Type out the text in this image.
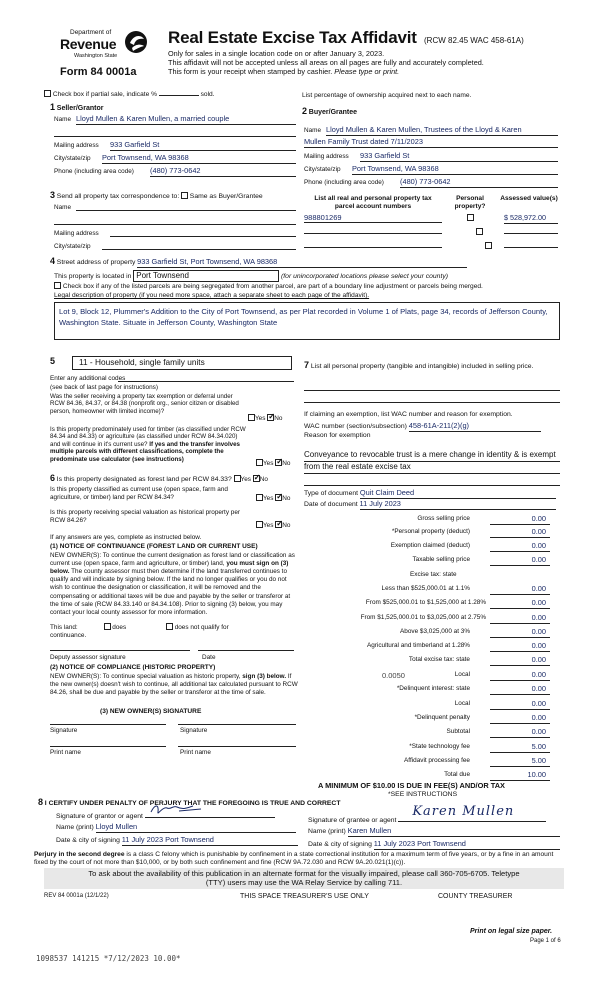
Department of
Revenue
Washington State
Form 84 0001a
Real Estate Excise Tax Affidavit (RCW 82.45 WAC 458-61A)
Only for sales in a single location code on or after January 3, 2023.
This affidavit will not be accepted unless all areas on all pages are fully and accurately completed.
This form is your receipt when stamped by cashier. Please type or print.
Check box if partial sale, indicate %	sold.	List percentage of ownership acquired next to each name.
1 Seller/Grantor
Name Lloyd Mullen & Karen Mullen, a married couple
Mailing address 933 Garfield St
City/state/zip Port Townsend, WA 98368
Phone (including area code) (480) 773-0642
2 Buyer/Grantee
Name Lloyd Mullen & Karen Mullen, Trustees of the Lloyd & Karen
Mullen Family Trust dated 7/11/2023
Mailing address 933 Garfield St
City/state/zip Port Townsend, WA 98368
Phone (including area code) (480) 773-0642
3 Send all property tax correspondence to: Same as Buyer/Grantee
Name
Mailing address
City/state/zip
List all real and personal property tax parcel account numbers
Personal property?
Assessed value(s)
988801269
	$ 528,972.00

4 Street address of property 933 Garfield St, Port Townsend, WA 98368
This property is located in Port Townsend	(for unincorporated locations please select your county)
Check box if any of the listed parcels are being segregated from another parcel, are part of a boundary line adjustment or parcels being merged.
Legal description of property (if you need more space, attach a separate sheet to each page of the affidavit).
Lot 9, Block 12, Plummer's Addition to the City of Port Townsend, as per Plat recorded in Volume 1 of Plats, page 34, records of Jefferson County, Washington State. Situate in Jefferson County, Washington State
5	11 - Household, single family units
Enter any additional codes
(see back of last page for instructions)
Was the seller receiving a property tax exemption or deferral under RCW 84.36, 84.37, or 84.38 (nonprofit org., senior citizen or disabled person, homeowner with limited income)?
Yes ✓ No
Is this property predominately used for timber (as classified under RCW 84.34 and 84.33) or agriculture (as classified under RCW 84.34.020) and will continue in it's current use? If yes and the transfer involves multiple parcels with different classifications, complete the predominate use calculator (see instructions)
Yes ✓ No
6 Is this property designated as forest land per RCW 84.33? Yes ✓ No
Is this property classified as current use (open space, farm and agriculture, or timber) land per RCW 84.34?	Yes ✓ No
Is this property receiving special valuation as historical property per RCW 84.26?
Yes ✓ No
If any answers are yes, complete as instructed below.
(1) NOTICE OF CONTINUANCE (FOREST LAND OR CURRENT USE)
NEW OWNER(S): To continue the current designation as forest land or classification as current use (open space, farm and agriculture, or timber) land, you must sign on (3) below. The county assessor must then determine if the land transferred continues to qualify and will indicate by signing below. If the land no longer qualifies or you do not wish to continue the designation or classification, it will be removed and the compensating or additional taxes will be due and payable by the seller or transferor at the time of sale (RCW 84.33.140 or 84.34.108). Prior to signing (3) below, you may contact your local county assessor for more information.
This land:	does	does not qualify for
continuance.
Deputy assessor signature	Date
(2) NOTICE OF COMPLIANCE (HISTORIC PROPERTY)
NEW OWNER(S): To continue special valuation as historic property, sign (3) below. If the new owner(s) doesn't wish to continue, all additional tax calculated pursuant to RCW 84.26, shall be due and payable by the seller or transferor at the time of sale.
(3) NEW OWNER(S) SIGNATURE
Signature	Signature
Print name	Print name
7 List all personal property (tangible and intangible) included in selling price.
If claiming an exemption, list WAC number and reason for exemption.
WAC number (section/subsection) 458-61A-211(2)(g)
Reason for exemption
Conveyance to revocable trust is a mere change in identity & is exempt from the real estate excise tax
Type of document Quit Claim Deed
Date of document 11 July 2023
Gross selling price	0.00
*Personal property (deduct)	0.00
Exemption claimed (deduct)	0.00
Taxable selling price	0.00
Excise tax: state
Less than $525,000.01 at 1.1%	0.00
From $525,000.01 to $1,525,000 at 1.28%	0.00
From $1,525,000.01 to $3,025,000 at 2.75%	0.00
Above $3,025,000 at 3%	0.00
Agricultural and timberland at 1.28%	0.00
Total excise tax: state	0.00
0.0050	Local	0.00
*Delinquent interest: state	0.00
Local	0.00
*Delinquent penalty	0.00
Subtotal	0.00
*State technology fee	5.00
Affidavit processing fee	5.00
Total due	10.00
A MINIMUM OF $10.00 IS DUE IN FEE(S) AND/OR TAX
*SEE INSTRUCTIONS
8 I CERTIFY UNDER PENALTY OF PERJURY THAT THE FOREGOING IS TRUE AND CORRECT
Signature of grantor or agent
Name (print) Lloyd Mullen
Date & city of signing 11 July 2023 Port Townsend
Signature of grantee or agent
Karen Mullen
Name (print) Karen Mullen
Date & city of signing 11 July 2023 Port Townsend
Perjury in the second degree is a class C felony which is punishable by confinement in a state correctional institution for a maximum term of five years, or by a fine in an amount fixed by the court of not more than $10,000, or by both such confinement and fine (RCW 9A.72.030 and RCW 9A.20.021(1)(c)).
To ask about the availability of this publication in an alternate format for the visually impaired, please call 360-705-6705. Teletype
(TTY) users may use the WA Relay Service by calling 711.
REV 84 0001a (12/1/22)	THIS SPACE TREASURER'S USE ONLY	COUNTY TREASURER
Print on legal size paper.
Page 1 of 6
1098537 141215 *7/12/2023 10.00*
